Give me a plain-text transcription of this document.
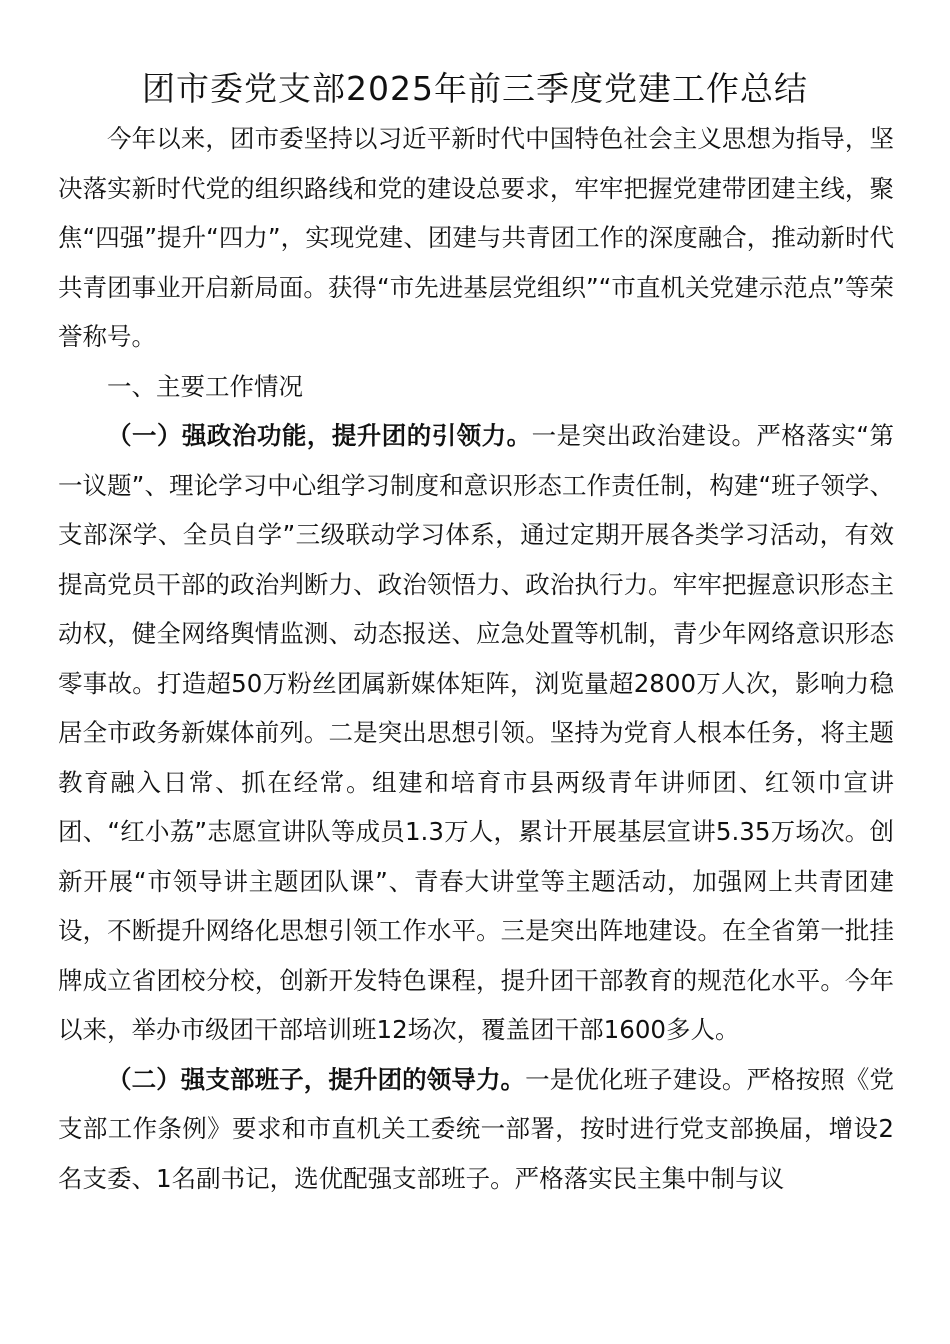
团市委党支部2025年前三季度党建工作总结

今年以来，团市委坚持以习近平新时代中国特色社会主义思想为指导，坚决落实新时代党的组织路线和党的建设总要求，牢牢把握党建带团建主线，聚焦“四强”提升“四力”，实现党建、团建与共青团工作的深度融合，推动新时代共青团事业开启新局面。获得“市先进基层党组织”“市直机关党建示范点”等荣誉称号。

一、主要工作情况

（一）强政治功能，提升团的引领力。一是突出政治建设。严格落实“第一议题”、理论学习中心组学习制度和意识形态工作责任制，构建“班子领学、支部深学、全员自学”三级联动学习体系，通过定期开展各类学习活动，有效提高党员干部的政治判断力、政治领悟力、政治执行力。牢牢把握意识形态主动权，健全网络舆情监测、动态报送、应急处置等机制，青少年网络意识形态零事故。打造超50万粉丝团属新媒体矩阵，浏览量超2800万人次，影响力稳居全市政务新媒体前列。二是突出思想引领。坚持为党育人根本任务，将主题教育融入日常、抓在经常。组建和培育市县两级青年讲师团、红领巾宣讲团、“红小荔”志愿宣讲队等成员1.3万人，累计开展基层宣讲5.35万场次。创新开展“市领导讲主题团队课”、青春大讲堂等主题活动，加强网上共青团建设，不断提升网络化思想引领工作水平。三是突出阵地建设。在全省第一批挂牌成立省团校分校，创新开发特色课程，提升团干部教育的规范化水平。今年以来，举办市级团干部培训班12场次，覆盖团干部1600多人。

（二）强支部班子，提升团的领导力。一是优化班子建设。严格按照《党支部工作条例》要求和市直机关工委统一部署，按时进行党支部换届，增设2名支委、1名副书记，选优配强支部班子。严格落实民主集中制与议
